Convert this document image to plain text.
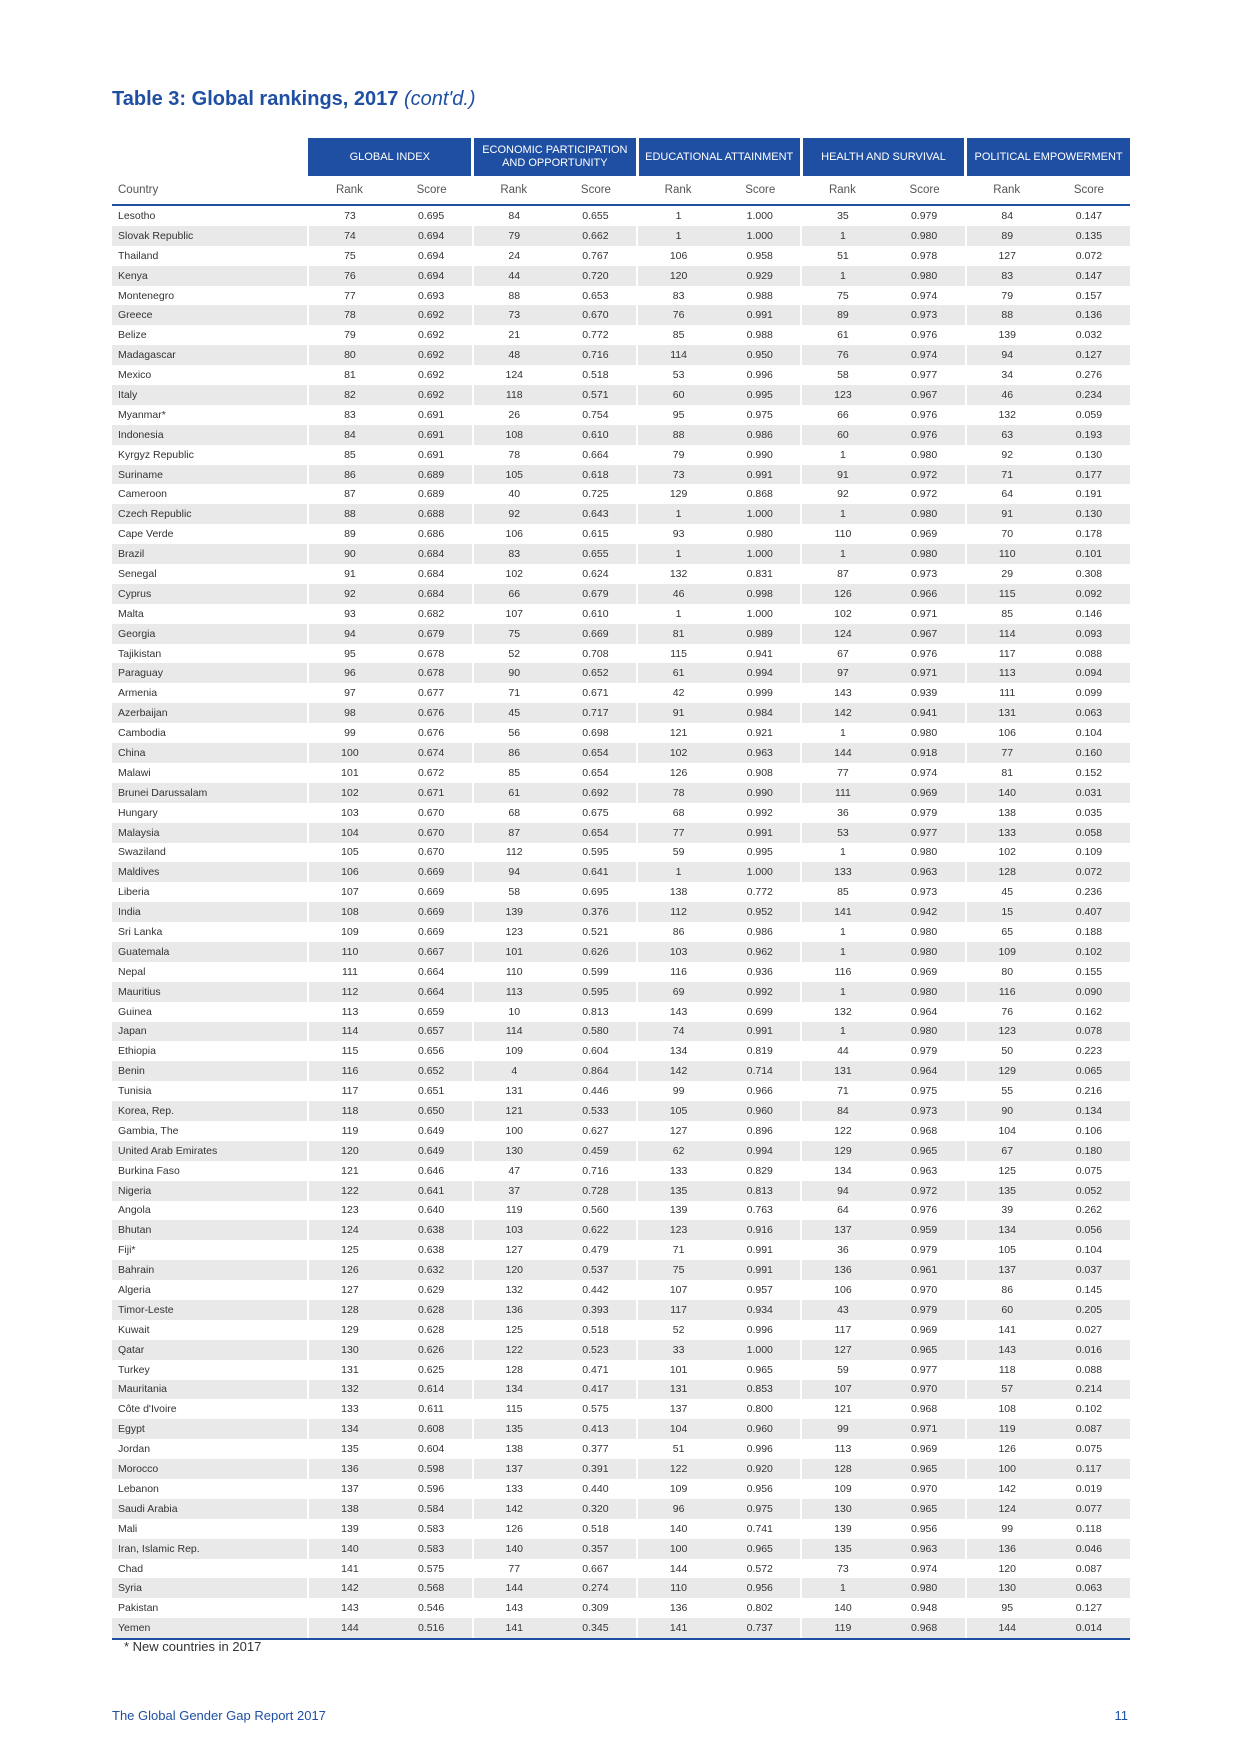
Table 3: Global rankings, 2017 (cont'd.)
	GLOBAL INDEX		ECONOMIC PARTICIPATION AND OPPORTUNITY		EDUCATIONAL ATTAINMENT		HEALTH AND SURVIVAL		POLITICAL EMPOWERMENT	
Country	Rank	Score	Rank	Score	Rank	Score	Rank	Score	Rank	Score
Lesotho	73	0.695	84	0.655	1	1.000	35	0.979	84	0.147
Slovak Republic	74	0.694	79	0.662	1	1.000	1	0.980	89	0.135
Thailand	75	0.694	24	0.767	106	0.958	51	0.978	127	0.072
Kenya	76	0.694	44	0.720	120	0.929	1	0.980	83	0.147
Montenegro	77	0.693	88	0.653	83	0.988	75	0.974	79	0.157
Greece	78	0.692	73	0.670	76	0.991	89	0.973	88	0.136
Belize	79	0.692	21	0.772	85	0.988	61	0.976	139	0.032
Madagascar	80	0.692	48	0.716	114	0.950	76	0.974	94	0.127
Mexico	81	0.692	124	0.518	53	0.996	58	0.977	34	0.276
Italy	82	0.692	118	0.571	60	0.995	123	0.967	46	0.234
Myanmar*	83	0.691	26	0.754	95	0.975	66	0.976	132	0.059
Indonesia	84	0.691	108	0.610	88	0.986	60	0.976	63	0.193
Kyrgyz Republic	85	0.691	78	0.664	79	0.990	1	0.980	92	0.130
Suriname	86	0.689	105	0.618	73	0.991	91	0.972	71	0.177
Cameroon	87	0.689	40	0.725	129	0.868	92	0.972	64	0.191
Czech Republic	88	0.688	92	0.643	1	1.000	1	0.980	91	0.130
Cape Verde	89	0.686	106	0.615	93	0.980	110	0.969	70	0.178
Brazil	90	0.684	83	0.655	1	1.000	1	0.980	110	0.101
Senegal	91	0.684	102	0.624	132	0.831	87	0.973	29	0.308
Cyprus	92	0.684	66	0.679	46	0.998	126	0.966	115	0.092
Malta	93	0.682	107	0.610	1	1.000	102	0.971	85	0.146
Georgia	94	0.679	75	0.669	81	0.989	124	0.967	114	0.093
Tajikistan	95	0.678	52	0.708	115	0.941	67	0.976	117	0.088
Paraguay	96	0.678	90	0.652	61	0.994	97	0.971	113	0.094
Armenia	97	0.677	71	0.671	42	0.999	143	0.939	111	0.099
Azerbaijan	98	0.676	45	0.717	91	0.984	142	0.941	131	0.063
Cambodia	99	0.676	56	0.698	121	0.921	1	0.980	106	0.104
China	100	0.674	86	0.654	102	0.963	144	0.918	77	0.160
Malawi	101	0.672	85	0.654	126	0.908	77	0.974	81	0.152
Brunei Darussalam	102	0.671	61	0.692	78	0.990	111	0.969	140	0.031
Hungary	103	0.670	68	0.675	68	0.992	36	0.979	138	0.035
Malaysia	104	0.670	87	0.654	77	0.991	53	0.977	133	0.058
Swaziland	105	0.670	112	0.595	59	0.995	1	0.980	102	0.109
Maldives	106	0.669	94	0.641	1	1.000	133	0.963	128	0.072
Liberia	107	0.669	58	0.695	138	0.772	85	0.973	45	0.236
India	108	0.669	139	0.376	112	0.952	141	0.942	15	0.407
Sri Lanka	109	0.669	123	0.521	86	0.986	1	0.980	65	0.188
Guatemala	110	0.667	101	0.626	103	0.962	1	0.980	109	0.102
Nepal	111	0.664	110	0.599	116	0.936	116	0.969	80	0.155
Mauritius	112	0.664	113	0.595	69	0.992	1	0.980	116	0.090
Guinea	113	0.659	10	0.813	143	0.699	132	0.964	76	0.162
Japan	114	0.657	114	0.580	74	0.991	1	0.980	123	0.078
Ethiopia	115	0.656	109	0.604	134	0.819	44	0.979	50	0.223
Benin	116	0.652	4	0.864	142	0.714	131	0.964	129	0.065
Tunisia	117	0.651	131	0.446	99	0.966	71	0.975	55	0.216
Korea, Rep.	118	0.650	121	0.533	105	0.960	84	0.973	90	0.134
Gambia, The	119	0.649	100	0.627	127	0.896	122	0.968	104	0.106
United Arab Emirates	120	0.649	130	0.459	62	0.994	129	0.965	67	0.180
Burkina Faso	121	0.646	47	0.716	133	0.829	134	0.963	125	0.075
Nigeria	122	0.641	37	0.728	135	0.813	94	0.972	135	0.052
Angola	123	0.640	119	0.560	139	0.763	64	0.976	39	0.262
Bhutan	124	0.638	103	0.622	123	0.916	137	0.959	134	0.056
Fiji*	125	0.638	127	0.479	71	0.991	36	0.979	105	0.104
Bahrain	126	0.632	120	0.537	75	0.991	136	0.961	137	0.037
Algeria	127	0.629	132	0.442	107	0.957	106	0.970	86	0.145
Timor-Leste	128	0.628	136	0.393	117	0.934	43	0.979	60	0.205
Kuwait	129	0.628	125	0.518	52	0.996	117	0.969	141	0.027
Qatar	130	0.626	122	0.523	33	1.000	127	0.965	143	0.016
Turkey	131	0.625	128	0.471	101	0.965	59	0.977	118	0.088
Mauritania	132	0.614	134	0.417	131	0.853	107	0.970	57	0.214
Côte d'Ivoire	133	0.611	115	0.575	137	0.800	121	0.968	108	0.102
Egypt	134	0.608	135	0.413	104	0.960	99	0.971	119	0.087
Jordan	135	0.604	138	0.377	51	0.996	113	0.969	126	0.075
Morocco	136	0.598	137	0.391	122	0.920	128	0.965	100	0.117
Lebanon	137	0.596	133	0.440	109	0.956	109	0.970	142	0.019
Saudi Arabia	138	0.584	142	0.320	96	0.975	130	0.965	124	0.077
Mali	139	0.583	126	0.518	140	0.741	139	0.956	99	0.118
Iran, Islamic Rep.	140	0.583	140	0.357	100	0.965	135	0.963	136	0.046
Chad	141	0.575	77	0.667	144	0.572	73	0.974	120	0.087
Syria	142	0.568	144	0.274	110	0.956	1	0.980	130	0.063
Pakistan	143	0.546	143	0.309	136	0.802	140	0.948	95	0.127
Yemen	144	0.516	141	0.345	141	0.737	119	0.968	144	0.014
* New countries in 2017
The Global Gender Gap Report 2017	11
